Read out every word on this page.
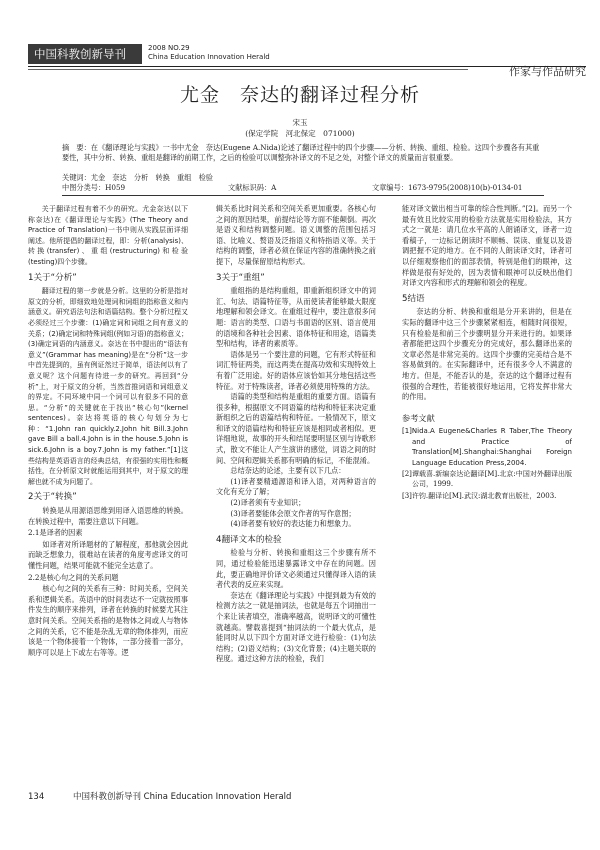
中国科教创新导刊	2008 NO.29
China Education Innovation Herald
作家与作品研究
尤金　奈达的翻译过程分析
宋玉
(保定学院　河北保定　071000)
摘　要：在《翻译理论与实践》一书中尤金　奈达(Eugene A.Nida)论述了翻译过程中的四个步骤——分析、转换、重组、检验。这四个步骤各有其重要性，其中分析、转换、重组是翻译的前期工作，之后的检验可以调整弥补译文的不足之处，对整个译文的质量而言很重要。
关键词：尤金　奈达　分析　转换　重组　检验
中图分类号：H059	文献标识码：A	文章编号：1673-9795(2008)10(b)-0134-01

关于翻译过程有着不少的研究。尤金奈达(以下称奈达)在《翻译理论与实践》(The Theory and Practice of Translation)一书中则从实践层面详细阐述。他所提倡的翻译过程，即：分析(analysis)、转换(transfer)、重组(restructuring)和检验(testing)四个步骤。

1关于“分析”

翻译过程的第一步就是分析。这里的分析是指对原文的分析，即细致地处理词和词组的指称意义和内涵意义。研究语法句法和语篇结构。整个分析过程又必须经过三个步骤：(1)确定词和词组之间有意义的关系；(2)确定词和特殊词组(例如习语)的指称意义；(3)确定词语的内涵意义。奈达在书中提出的“语法有意义”(Grammar has meaning)是在“分析”这一步中首先提到的，虽有例证然过于简单，语法何以有了意义呢？这个问题有待进一步的研究。再回到“分析”上，对于原文的分析，当然首推词语和词组意义的界定。不同环境中同一个词可以有很多不同的意思。“分析”的关键就在于找出“核心句”(kernel sentences)。奈达将英语的核心句划分为七种：“1.John ran quickly.2.John hit Bill.3.John gave Bill a ball.4.John is in the house.5.John is sick.6.John is a boy.7.John is my father.”[1]这些结构是英语语言的经典总结，有很强的实用性和概括性，在分析原文时就能运用到其中，对于原文的理解也就不成为问题了。

2关于“转换”

转换是从用源语思维到用译入语思维的转换。在转换过程中，需要注意以下问题。

2.1是译者的因素

如译者对所译题材的了解程度，那他就会因此而缺乏想象力，很难站在读者的角度考虑译文的可懂性问题，结果可能就不能完全达意了。

2.2是核心句之间的关系问题

核心句之间的关系有三种：时间关系，空间关系和逻辑关系。英语中的时间表达不一定就按照事件发生的顺序来排列，译者在转换的时候要尤其注意时间关系。空间关系指的是物体之间或人与物体之间的关系，它不能是杂乱无章的物体排列，而应该是一个物体接着一个物体，一部分接着一部分，顺序可以是上下或左右等等。逻

辑关系比时间关系和空间关系更加重要。各核心句之间的原因结果，前提结论等方面不能颠倒。再次是语义和结构调整问题。语义调整的范围包括习语、比喻义、赘语及泛指语义和特指语义等。关于结构的调整，译者必须在保证内容的准确转换之前提下，尽量保留原结构形式。

3关于“重组”

重组指的是结构重组，即重新组织译文中的词汇、句法、语篇特征等，从而使读者能够最大限度地理解和领会译文。在重组过程中，要注意很多问题：语言的类型、口语与书面语的区别、语言使用的语境和各种社会因素、语体特征和用途，语篇类型和结构，译者的素质等。

语体是另一个要注意的问题，它有形式特征和词汇特征两类，而这两类在提高功效和实现特效上有着广泛用途。好的语体应该恰如其分地包括这些特征。对于特殊读者，译者必须使用特殊的方法。

语篇的类型和结构是重组的重要方面。语篇有很多种，根据原文不同语篇的结构和特征来决定重新组织之后的语篇结构和特征。一般情况下，原文和译文的语篇结构和特征应该是相同或者相似。更详细地说，故事的开头和结尾要明显区别与诗歌形式，散文不能让人产生演讲的感觉，词语之间的时间、空间和逻辑关系都有明确的标记，不能混淆。

总结奈达的论述，主要有以下几点：

(1)译者要精通源语和译入语，对两种语言的文化有充分了解；

(2)译者须有专业知识；

(3)译者要能体会原文作者的写作意图；

(4)译者要有较好的表达能力和想象力。

4翻译文本的检验

检验与分析、转换和重组这三个步骤有所不同，通过检验能迅速暴露译文中存在的问题。因此，要正确地评价译文必须通过只懂得译入语的读者代表的反应来实现。

奈达在《翻译理论与实践》中提到最为有效的检测方法之一就是抽词法，也就是每五个词抽出一个来让读者填空，准确率越高，说明译文的可懂性就越高。譬载喜提到“抽词法的一个最大优点，是能同时从以下四个方面对译文进行检验：(1)句法结构；(2)语义结构；(3)文化背景；(4)主题关联的程度。通过这种方法的检验，我们

能对译文做出相当可靠的综合性判断。”[2]。而另一个最有效且比较实用的检验方法就是实用检验法，其方式之一就是：请几位水平高的人朗诵译文，译者一边看稿子，一边标记朗读时不顺畅、误读、重复以及语调把握不定的地方。在不同的人朗读译文时，译者可以仔细观察他们的面部表情，特别是他们的眼神，这样做是很有好处的，因为表情和眼神可以反映出他们对译文内容和形式的理解和领会的程度。

5结语

奈达的分析、转换和重组是分开来讲的，但是在实际的翻译中这三个步骤紧紧相连，相随时间很短，只有检验是和前三个步骤明显分开来进行的。如果译者都能把这四个步骤充分的完成好，那么翻译出来的文章必然是非常完美的。这四个步骤的完美结合是不容易做到的。在实际翻译中，还有很多令人不满意的地方。但是，不能否认的是，奈达的这个翻译过程有很强的合理性，若能被很好地运用，它将发挥非常大的作用。

参考文献
[1]Nida.A Eugene&Charles R Taber,The Theory and Practice of Translation[M].Shanghai:Shanghai Foreign Language Education Press,2004.
[2]谭载喜.新编奈达论翻译[M].北京:中国对外翻译出版公司，1999.
[3]许钧.翻译论[M].武汉:湖北教育出版社，2003.
134	中国科教创新导刊 China Education Innovation Herald
